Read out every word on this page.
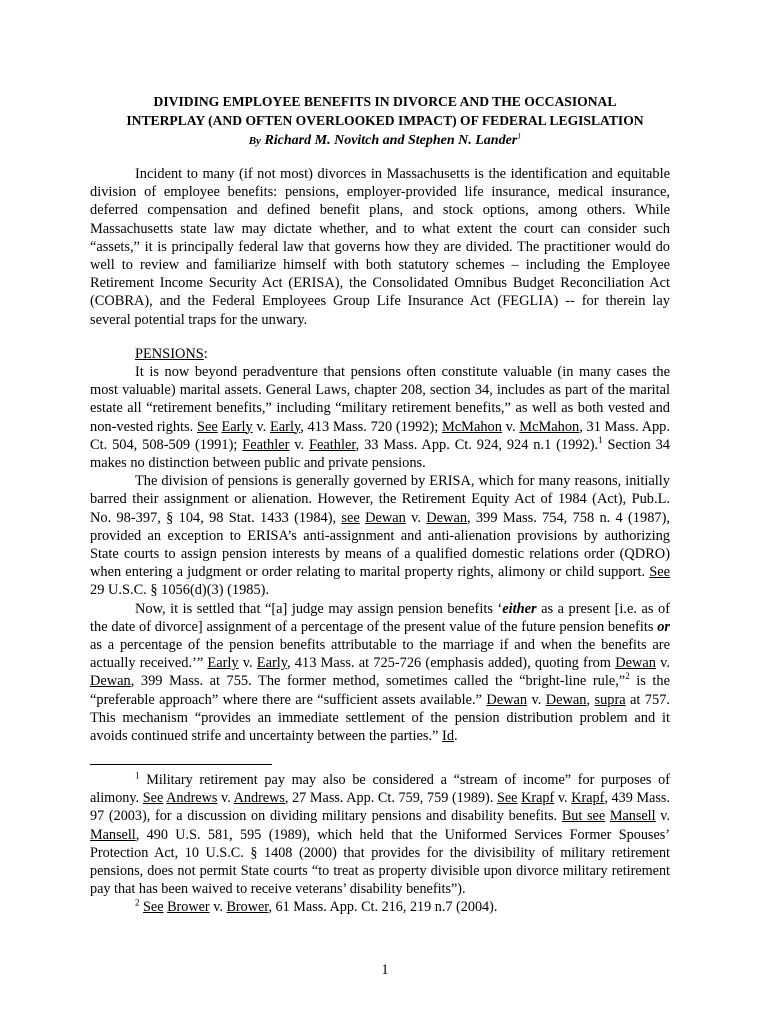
DIVIDING EMPLOYEE BENEFITS IN DIVORCE AND THE OCCASIONAL
INTERPLAY (AND OFTEN OVERLOOKED IMPACT) OF FEDERAL LEGISLATION
By Richard M. Novitch and Stephen N. Lander$^1$

Incident to many (if not most) divorces in Massachusetts is the identification and equitable division of employee benefits: pensions, employer-provided life insurance, medical insurance, deferred compensation and defined benefit plans, and stock options, among others. While Massachusetts state law may dictate whether, and to what extent the court can consider such “assets,” it is principally federal law that governs how they are divided. The practitioner would do well to review and familiarize himself with both statutory schemes – including the Employee Retirement Income Security Act (ERISA), the Consolidated Omnibus Budget Reconciliation Act (COBRA), and the Federal Employees Group Life Insurance Act (FEGLIA) -- for therein lay several potential traps for the unwary.

PENSIONS:

It is now beyond peradventure that pensions often constitute valuable (in many cases the most valuable) marital assets. General Laws, chapter 208, section 34, includes as part of the marital estate all “retirement benefits,” including “military retirement benefits,” as well as both vested and non-vested rights. See Early v. Early, 413 Mass. 720 (1992); McMahon v. McMahon, 31 Mass. App. Ct. 504, 508-509 (1991); Feathler v. Feathler, 33 Mass. App. Ct. 924, 924 n.1 (1992).$^1$ Section 34 makes no distinction between public and private pensions.

The division of pensions is generally governed by ERISA, which for many reasons, initially barred their assignment or alienation. However, the Retirement Equity Act of 1984 (Act), Pub.L. No. 98-397, § 104, 98 Stat. 1433 (1984), see Dewan v. Dewan, 399 Mass. 754, 758 n. 4 (1987), provided an exception to ERISA’s anti-assignment and anti-alienation provisions by authorizing State courts to assign pension interests by means of a qualified domestic relations order (QDRO) when entering a judgment or order relating to marital property rights, alimony or child support. See 29 U.S.C. § 1056(d)(3) (1985).

Now, it is settled that “[a] judge may assign pension benefits ‘either as a present [i.e. as of the date of divorce] assignment of a percentage of the present value of the future pension benefits or as a percentage of the pension benefits attributable to the marriage if and when the benefits are actually received.’” Early v. Early, 413 Mass. at 725-726 (emphasis added), quoting from Dewan v. Dewan, 399 Mass. at 755. The former method, sometimes called the “bright-line rule,”$^2$ is the “preferable approach” where there are “sufficient assets available.” Dewan v. Dewan, supra at 757. This mechanism “provides an immediate settlement of the pension distribution problem and it avoids continued strife and uncertainty between the parties.” Id.

$^1$ Military retirement pay may also be considered a “stream of income” for purposes of alimony. See Andrews v. Andrews, 27 Mass. App. Ct. 759, 759 (1989). See Krapf v. Krapf, 439 Mass. 97 (2003), for a discussion on dividing military pensions and disability benefits. But see Mansell v. Mansell, 490 U.S. 581, 595 (1989), which held that the Uniformed Services Former Spouses’ Protection Act, 10 U.S.C. § 1408 (2000) that provides for the divisibility of military retirement pensions, does not permit State courts “to treat as property divisible upon divorce military retirement pay that has been waived to receive veterans’ disability benefits”).

$^2$ See Brower v. Brower, 61 Mass. App. Ct. 216, 219 n.7 (2004).

1
